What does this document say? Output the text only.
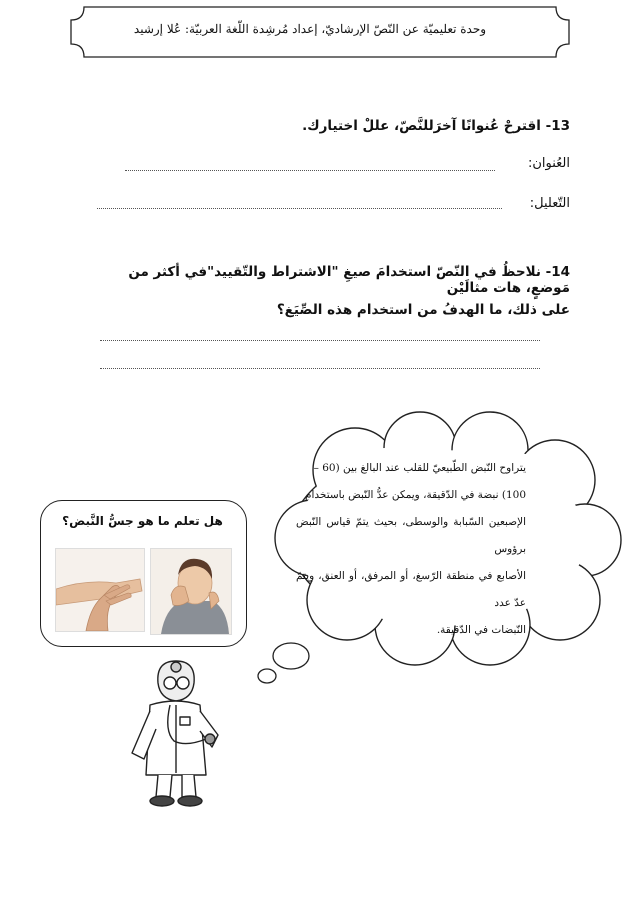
وحدة تعليميّة عن النّصّ الإرشاديّ، إعداد مُرشِدة اللّغة العربيّة: عُلا إرشيد
13- اقترحْ عُنوانًا آخرَللنَّصّ، عللْ اختيارك.
العُنوان:
التّعليل:
14- نلاحظُ في النّصّ استخدامَ صيغِ "الاشتراط والتّقييد"في أكثر من مَوضعٍ، هات مثالَيْن
على ذلك، ما الهدفُ من استخدام هذه الصِّيَغ؟
يتراوح النّبض الطّبيعيّ للقلب عند البالغ بين (60 –
100) نبضة في الدّقيقة، ويمكن عدُّ النّبض باستخدام
الإصبعين السّبابة والوسطى، بحيث يتمّ قياس النّبض برؤوس
الأصابع في منطقة الرّسغ، أو المرفق، أو العنق، ويتمّ عدّ عدد
النّبضات في الدّقيقة.
هل تعلم ما هو جسُّ النَّبض؟
